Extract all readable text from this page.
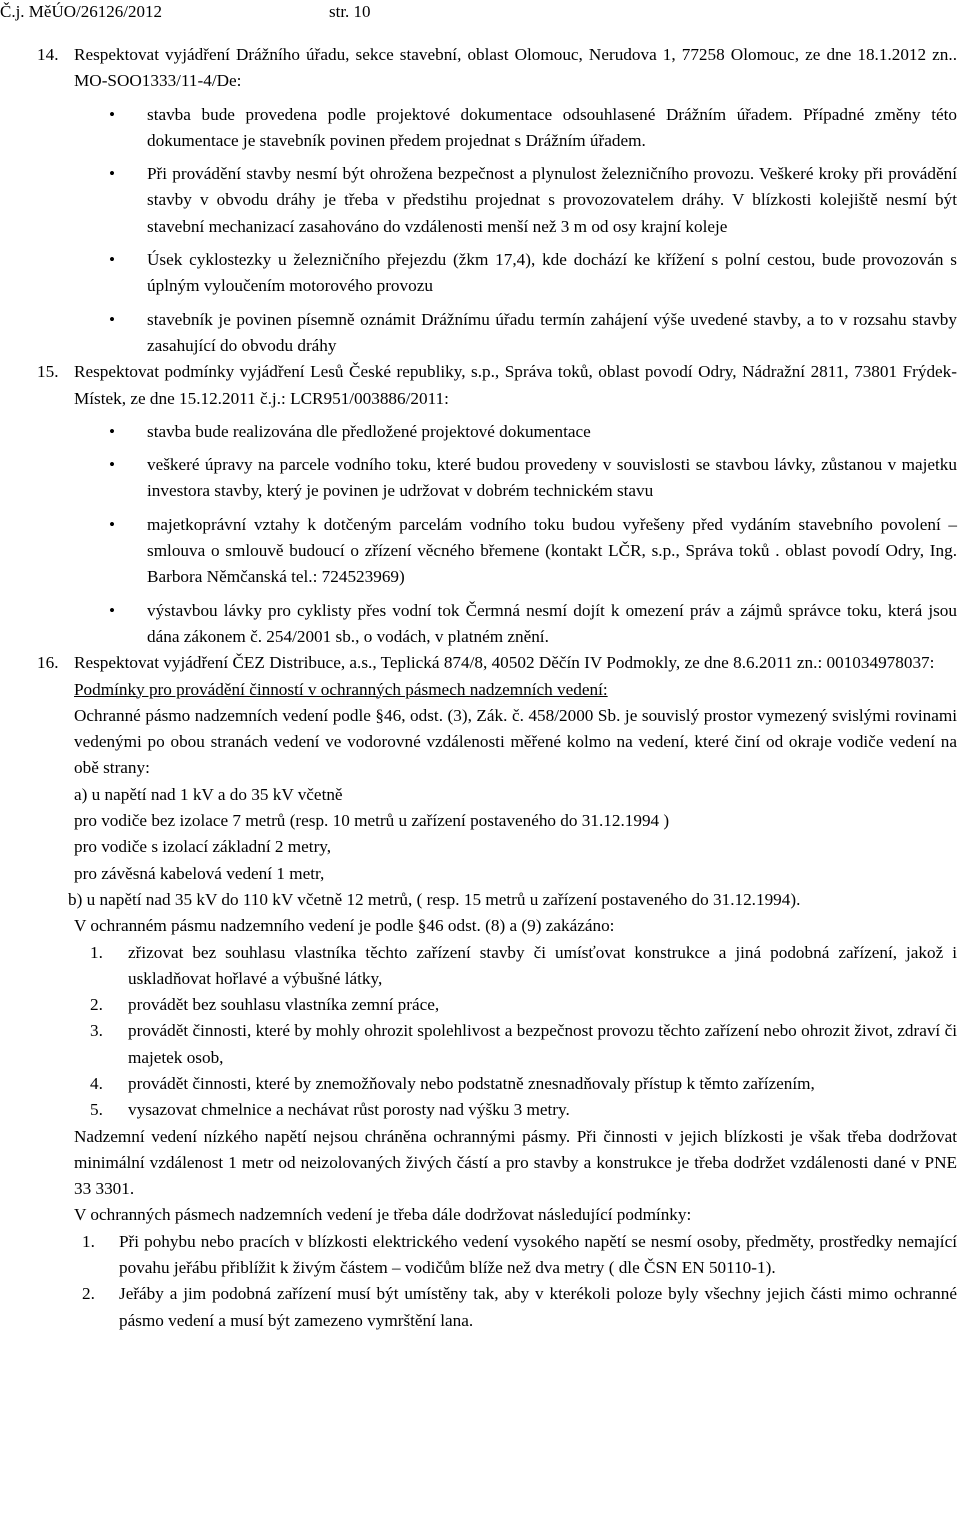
Č.j. MěÚO/26126/2012	str. 10
14. Respektovat vyjádření Drážního úřadu, sekce stavební, oblast Olomouc, Nerudova 1, 77258 Olomouc, ze dne 18.1.2012 zn.. MO-SOO1333/11-4/De:
• stavba bude provedena podle projektové dokumentace odsouhlasené Drážním úřadem. Případné změny této dokumentace je stavebník povinen předem projednat s Drážním úřadem.
• Při provádění stavby nesmí být ohrožena bezpečnost a plynulost železničního provozu. Veškeré kroky při provádění stavby v obvodu dráhy je třeba v předstihu projednat s provozovatelem dráhy. V blízkosti kolejiště nesmí být stavební mechanizací zasahováno do vzdálenosti menší než 3 m od osy krajní koleje
• Úsek cyklostezky u železničního přejezdu (žkm 17,4), kde dochází ke křížení s polní cestou, bude provozován s úplným vyloučením motorového provozu
• stavebník je povinen písemně oznámit Drážnímu úřadu termín zahájení výše uvedené stavby, a to v rozsahu stavby zasahující do obvodu dráhy
15. Respektovat podmínky vyjádření Lesů České republiky, s.p., Správa toků, oblast povodí Odry, Nádražní 2811, 73801 Frýdek-Místek, ze dne 15.12.2011 č.j.: LCR951/003886/2011:
• stavba bude realizována dle předložené projektové dokumentace
• veškeré úpravy na parcele vodního toku, které budou provedeny v souvislosti se stavbou lávky, zůstanou v majetku investora stavby, který je povinen je udržovat v dobrém technickém stavu
• majetkoprávní vztahy k dotčeným parcelám vodního toku budou vyřešeny před vydáním stavebního povolení – smlouva o smlouvě budoucí o zřízení věcného břemene (kontakt LČR, s.p., Správa toků . oblast povodí Odry, Ing. Barbora Němčanská tel.: 724523969)
• výstavbou lávky pro cyklisty přes vodní tok Čermná nesmí dojít k omezení práv a zájmů správce toku, která jsou dána zákonem č. 254/2001 sb., o vodách, v platném znění.
16. Respektovat vyjádření ČEZ Distribuce, a.s., Teplická 874/8, 40502 Děčín IV Podmokly, ze dne 8.6.2011 zn.: 001034978037:
Podmínky pro provádění činností v ochranných pásmech nadzemních vedení:
Ochranné pásmo nadzemních vedení podle §46, odst. (3), Zák. č. 458/2000 Sb. je souvislý prostor vymezený svislými rovinami vedenými po obou stranách vedení ve vodorovné vzdálenosti měřené kolmo na vedení, které činí od okraje vodiče vedení na obě strany:
a) u napětí nad 1 kV a do 35 kV včetně
pro vodiče bez izolace 7 metrů (resp. 10 metrů u zařízení postaveného do 31.12.1994 )
pro vodiče s izolací základní 2 metry,
pro závěsná kabelová vedení 1 metr,
b) u napětí nad 35 kV do 110 kV včetně 12 metrů, ( resp. 15 metrů u zařízení postaveného do 31.12.1994).
V ochranném pásmu nadzemního vedení je podle §46 odst. (8) a (9) zakázáno:
1. zřizovat bez souhlasu vlastníka těchto zařízení stavby či umísťovat konstrukce a jiná podobná zařízení, jakož i uskladňovat hořlavé a výbušné látky,
2. provádět bez souhlasu vlastníka zemní práce,
3. provádět činnosti, které by mohly ohrozit spolehlivost a bezpečnost provozu těchto zařízení nebo ohrozit život, zdraví či majetek osob,
4. provádět činnosti, které by znemožňovaly nebo podstatně znesnadňovaly přístup k těmto zařízením,
5. vysazovat chmelnice a nechávat růst porosty nad výšku 3 metry.
Nadzemní vedení nízkého napětí nejsou chráněna ochrannými pásmy. Při činnosti v jejich blízkosti je však třeba dodržovat minimální vzdálenost 1 metr od neizolovaných živých částí a pro stavby a konstrukce je třeba dodržet vzdálenosti dané v PNE 33 3301.
V ochranných pásmech nadzemních vedení je třeba dále dodržovat následující podmínky:
1. Při pohybu nebo pracích v blízkosti elektrického vedení vysokého napětí se nesmí osoby, předměty, prostředky nemající povahu jeřábu přiblížit k živým částem – vodičům blíže než dva metry ( dle ČSN EN 50110-1).
2. Jeřáby a jim podobná zařízení musí být umístěny tak, aby v kterékoli poloze byly všechny jejich části mimo ochranné pásmo vedení a musí být zamezeno vymrštění lana.
